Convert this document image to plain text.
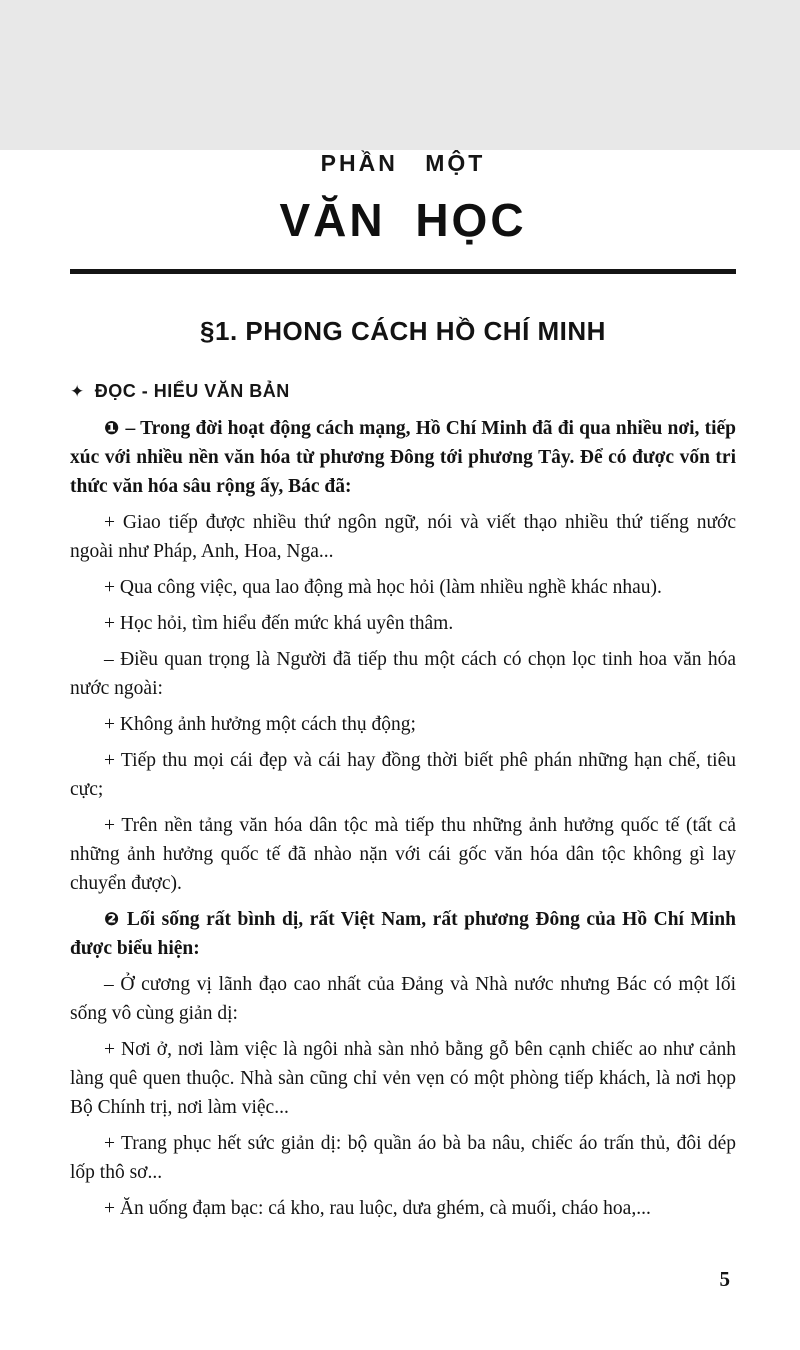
PHẦN MỘT
VĂN HỌC
§1. PHONG CÁCH HỒ CHÍ MINH
✦ ĐỌC - HIỂU VĂN BẢN

❶ – Trong đời hoạt động cách mạng, Hồ Chí Minh đã đi qua nhiều nơi, tiếp xúc với nhiều nền văn hóa từ phương Đông tới phương Tây. Để có được vốn tri thức văn hóa sâu rộng ấy, Bác đã:

+ Giao tiếp được nhiều thứ ngôn ngữ, nói và viết thạo nhiều thứ tiếng nước ngoài như Pháp, Anh, Hoa, Nga...

+ Qua công việc, qua lao động mà học hỏi (làm nhiều nghề khác nhau).

+ Học hỏi, tìm hiểu đến mức khá uyên thâm.

– Điều quan trọng là Người đã tiếp thu một cách có chọn lọc tinh hoa văn hóa nước ngoài:

+ Không ảnh hưởng một cách thụ động;

+ Tiếp thu mọi cái đẹp và cái hay đồng thời biết phê phán những hạn chế, tiêu cực;

+ Trên nền tảng văn hóa dân tộc mà tiếp thu những ảnh hưởng quốc tế (tất cả những ảnh hưởng quốc tế đã nhào nặn với cái gốc văn hóa dân tộc không gì lay chuyển được).

❷ Lối sống rất bình dị, rất Việt Nam, rất phương Đông của Hồ Chí Minh được biểu hiện:

– Ở cương vị lãnh đạo cao nhất của Đảng và Nhà nước nhưng Bác có một lối sống vô cùng giản dị:

+ Nơi ở, nơi làm việc là ngôi nhà sàn nhỏ bằng gỗ bên cạnh chiếc ao như cảnh làng quê quen thuộc. Nhà sàn cũng chỉ vẻn vẹn có một phòng tiếp khách, là nơi họp Bộ Chính trị, nơi làm việc...

+ Trang phục hết sức giản dị: bộ quần áo bà ba nâu, chiếc áo trấn thủ, đôi dép lốp thô sơ...

+ Ăn uống đạm bạc: cá kho, rau luộc, dưa ghém, cà muối, cháo hoa,...

5
